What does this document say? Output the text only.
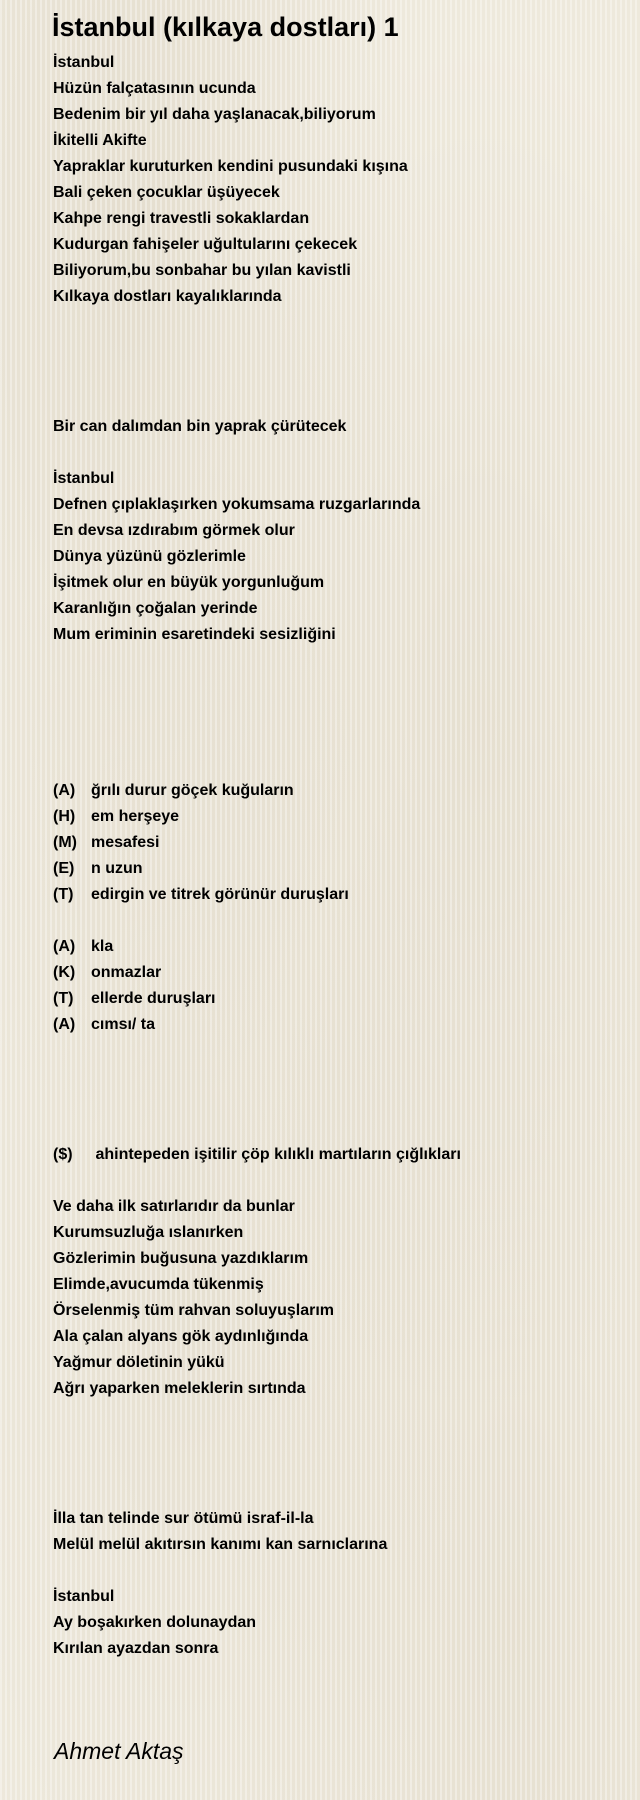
İstanbul (kılkaya dostları) 1
İstanbul
Hüzün falçatasının ucunda
Bedenim bir yıl daha yaşlanacak,biliyorum
İkitelli Akifte
Yapraklar kuruturken kendini pusundaki kışına
Bali çeken çocuklar üşüyecek
Kahpe rengi travestli sokaklardan
Kudurgan fahişeler uğultularını çekecek
Biliyorum,bu sonbahar bu yılan kavistli
Kılkaya dostları kayalıklarında
Bir can dalımdan bin yaprak çürütecek
İstanbul
Defnen çıplaklaşırken yokumsama ruzgarlarında
En devsa ızdırabım görmek olur
Dünya yüzünü gözlerimle
İşitmek olur en büyük yorgunluğum
Karanlığın çoğalan yerinde
Mum eriminin esaretindeki sesizliğini
(A) ğrılı durur göçek kuğuların
(H) em herşeye
(M) mesafesi
(E) n uzun
(T) edirgin ve titrek görünür duruşları
(A) kla
(K) onmazlar
(T) ellerde duruşları
(A) cımsı/ ta
($) ahintepeden işitilir çöp kılıklı martıların çığlıkları
Ve daha ilk satırlarıdır da bunlar
Kurumsuzluğa ıslanırken
Gözlerimin buğusuna yazdıklarım
Elimde,avucumda tükenmiş
Örselenmiş tüm rahvan soluyuşlarım
Ala çalan alyans gök aydınlığında
Yağmur döletinin yükü
Ağrı yaparken meleklerin sırtında
İlla tan telinde sur ötümü israf-il-la
Melül melül akıtırsın kanımı kan sarnıclarına
İstanbul
Ay boşakırken dolunaydan
Kırılan ayazdan sonra
Ahmet Aktaş
